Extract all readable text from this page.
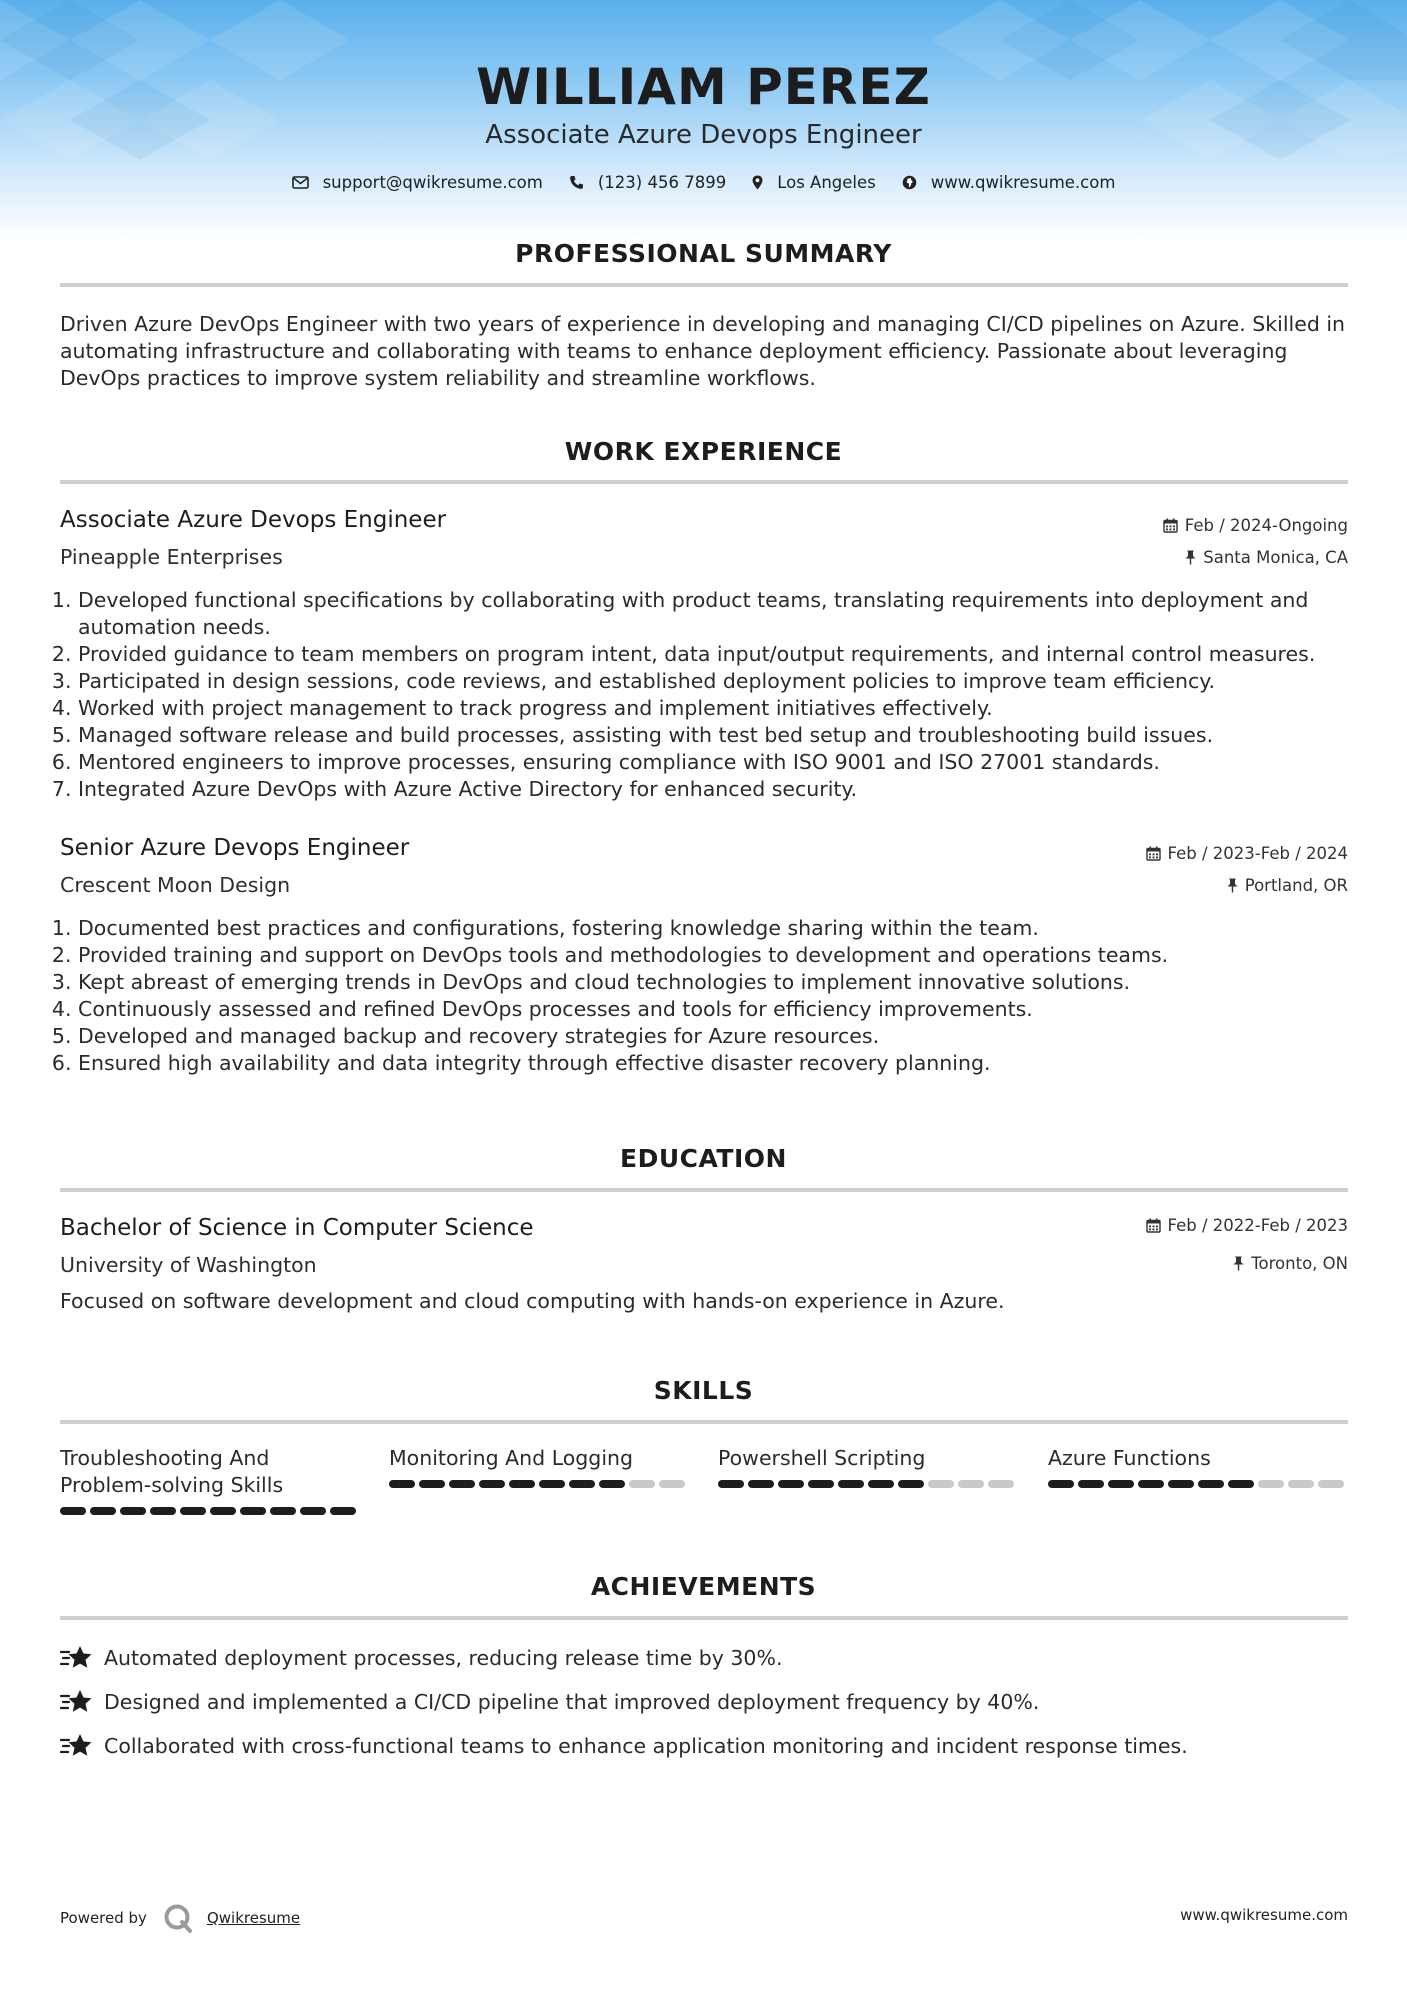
WILLIAM PEREZ
Associate Azure Devops Engineer
support@qwikresume.com	(123) 456 7899	Los Angeles	www.qwikresume.com
PROFESSIONAL SUMMARY
Driven Azure DevOps Engineer with two years of experience in developing and managing CI/CD pipelines on Azure. Skilled in automating infrastructure and collaborating with teams to enhance deployment efficiency. Passionate about leveraging DevOps practices to improve system reliability and streamline workflows.
WORK EXPERIENCE
Associate Azure Devops Engineer	Feb / 2024-Ongoing
Pineapple Enterprises	Santa Monica, CA
1. Developed functional specifications by collaborating with product teams, translating requirements into deployment and automation needs.
2. Provided guidance to team members on program intent, data input/output requirements, and internal control measures.
3. Participated in design sessions, code reviews, and established deployment policies to improve team efficiency.
4. Worked with project management to track progress and implement initiatives effectively.
5. Managed software release and build processes, assisting with test bed setup and troubleshooting build issues.
6. Mentored engineers to improve processes, ensuring compliance with ISO 9001 and ISO 27001 standards.
7. Integrated Azure DevOps with Azure Active Directory for enhanced security.
Senior Azure Devops Engineer	Feb / 2023-Feb / 2024
Crescent Moon Design	Portland, OR
1. Documented best practices and configurations, fostering knowledge sharing within the team.
2. Provided training and support on DevOps tools and methodologies to development and operations teams.
3. Kept abreast of emerging trends in DevOps and cloud technologies to implement innovative solutions.
4. Continuously assessed and refined DevOps processes and tools for efficiency improvements.
5. Developed and managed backup and recovery strategies for Azure resources.
6. Ensured high availability and data integrity through effective disaster recovery planning.
EDUCATION
Bachelor of Science in Computer Science	Feb / 2022-Feb / 2023
University of Washington	Toronto, ON
Focused on software development and cloud computing with hands-on experience in Azure.
SKILLS
Troubleshooting And Problem-solving Skills
Monitoring And Logging	Powershell Scripting	Azure Functions
ACHIEVEMENTS
Automated deployment processes, reducing release time by 30%.
Designed and implemented a CI/CD pipeline that improved deployment frequency by 40%.
Collaborated with cross-functional teams to enhance application monitoring and incident response times.
Powered by	Qwikresume	www.qwikresume.com
